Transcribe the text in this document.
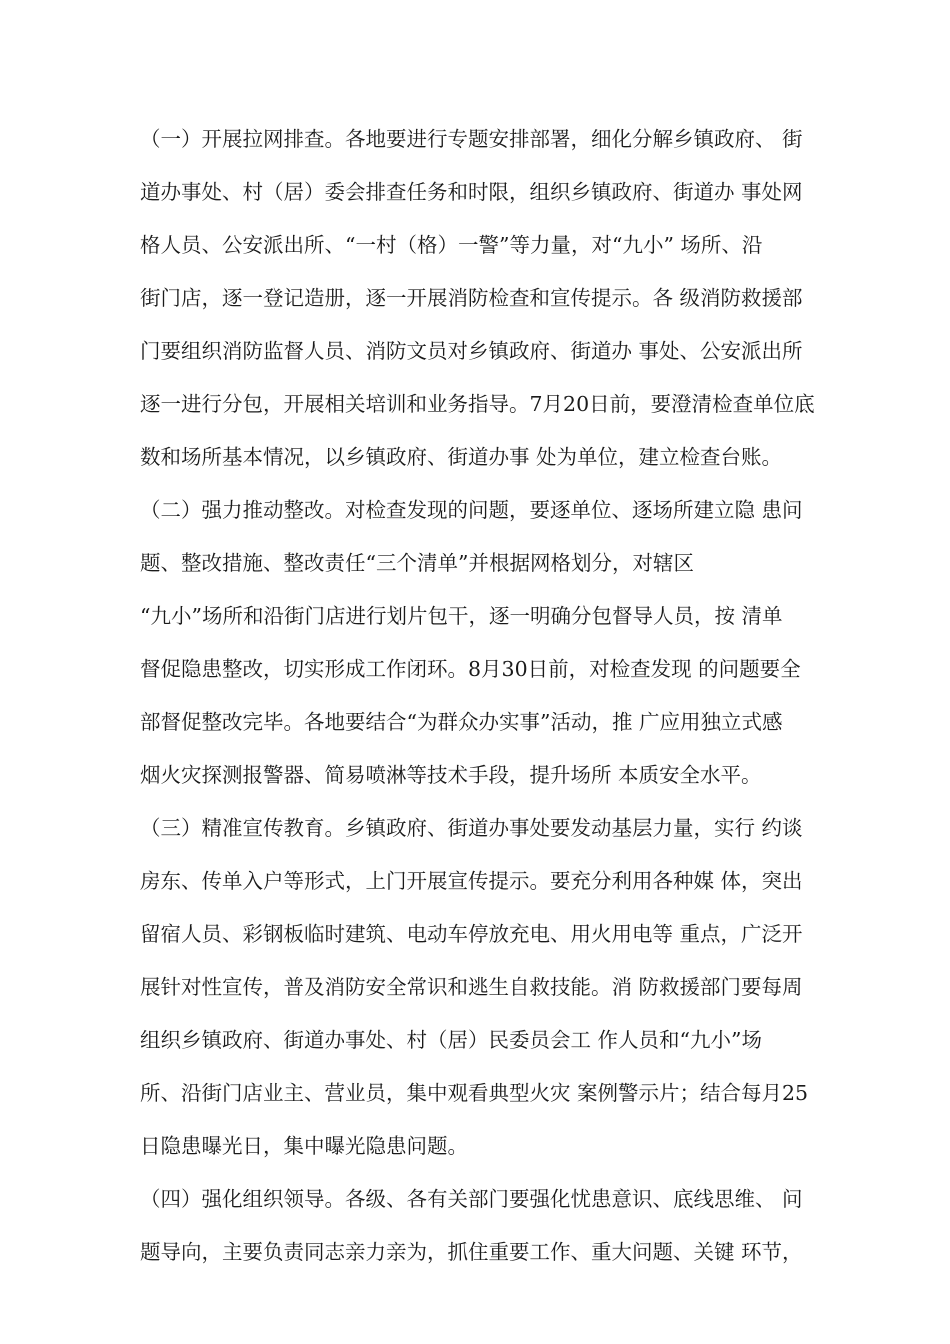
（一）开展拉网排查。各地要进行专题安排部署，细化分解乡镇政府、 街
道办事处、村（居）委会排查任务和时限，组织乡镇政府、街道办 事处网
格人员、公安派出所、“一村（格）一警”等力量，对“九小” 场所、沿
街门店，逐一登记造册，逐一开展消防检查和宣传提示。各 级消防救援部
门要组织消防监督人员、消防文员对乡镇政府、街道办 事处、公安派出所
逐一进行分包，开展相关培训和业务指导。7月20日前，要澄清检查单位底
数和场所基本情况，以乡镇政府、街道办事 处为单位，建立检查台账。
（二）强力推动整改。对检查发现的问题，要逐单位、逐场所建立隐 患问
题、整改措施、整改责任“三个清单”并根据网格划分，对辖区
“九小”场所和沿街门店进行划片包干，逐一明确分包督导人员，按 清单
督促隐患整改，切实形成工作闭环。8月30日前，对检查发现 的问题要全
部督促整改完毕。各地要结合“为群众办实事”活动，推 广应用独立式感
烟火灾探测报警器、简易喷淋等技术手段，提升场所 本质安全水平。
（三）精准宣传教育。乡镇政府、街道办事处要发动基层力量，实行 约谈
房东、传单入户等形式，上门开展宣传提示。要充分利用各种媒 体，突出
留宿人员、彩钢板临时建筑、电动车停放充电、用火用电等 重点，广泛开
展针对性宣传，普及消防安全常识和逃生自救技能。消 防救援部门要每周
组织乡镇政府、街道办事处、村（居）民委员会工 作人员和“九小”场
所、沿街门店业主、营业员，集中观看典型火灾 案例警示片；结合每月25
日隐患曝光日，集中曝光隐患问题。
（四）强化组织领导。各级、各有关部门要强化忧患意识、底线思维、 问
题导向，主要负责同志亲力亲为，抓住重要工作、重大问题、关键 环节，
